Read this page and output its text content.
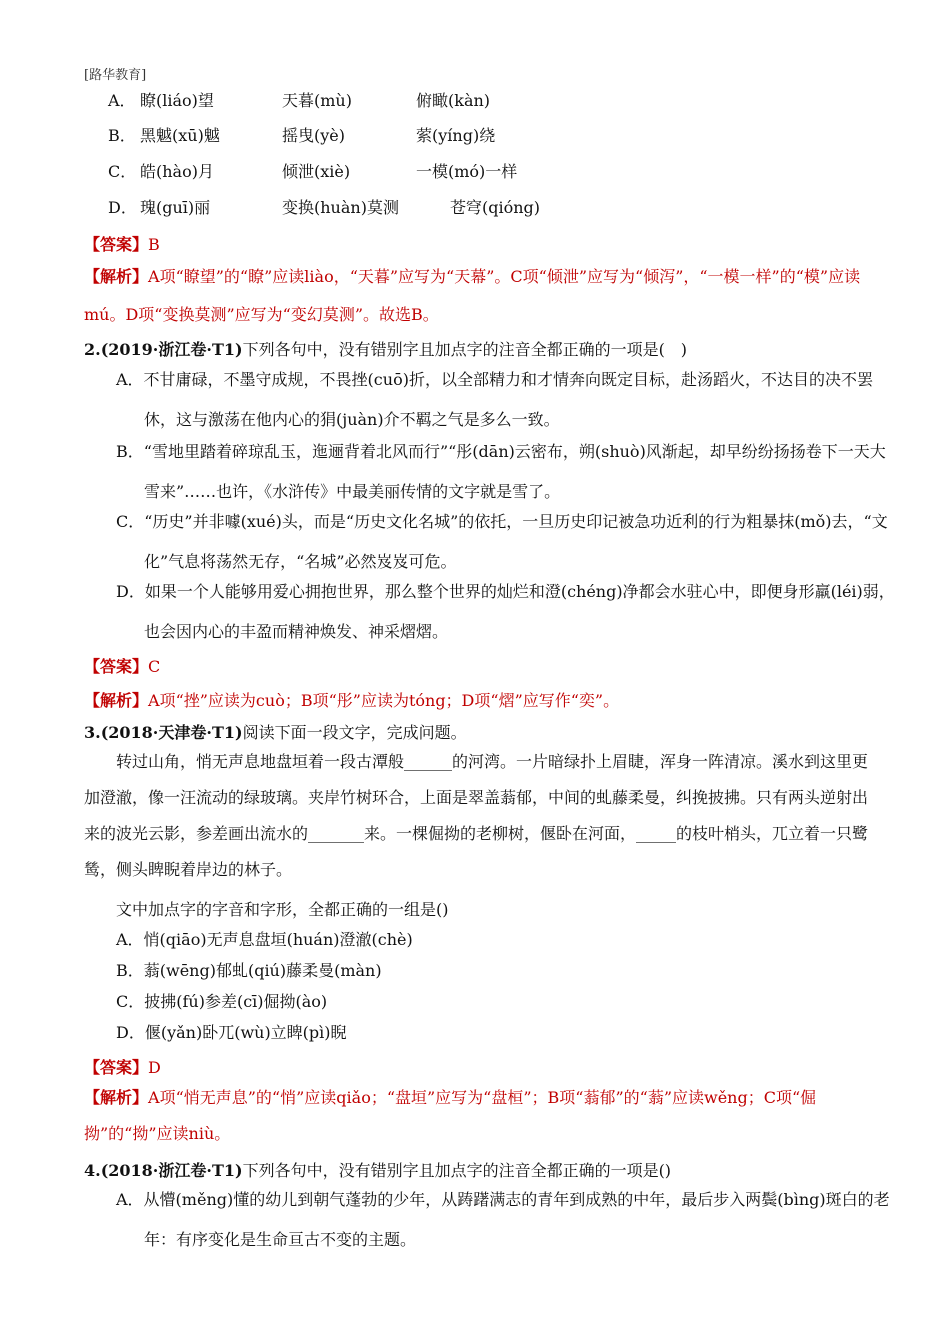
[路华教育]
A． 瞭(liáo)望	天暮(mù)	俯瞰(kàn)
B． 黑魆(xū)魆	摇曳(yè)	萦(yíng)绕
C． 皓(hào)月	倾泄(xiè)	一模(mó)一样
D． 瑰(guī)丽	变换(huàn)莫测	苍穹(qióng)
【答案】B
【解析】A项“瞭望”的“瞭”应读liào，“天暮”应写为“天幕”。C项“倾泄”应写为“倾泻”，“一模一样”的“模”应读mú。D项“变换莫测”应写为“变幻莫测”。故选B。
2.(2019·浙江卷·T1)下列各句中，没有错别字且加点字的注音全都正确的一项是(　)
A．不甘庸碌，不墨守成规，不畏挫(cuō)折，以全部精力和才情奔向既定目标，赴汤蹈火，不达目的决不罢休，这与激荡在他内心的狷(juàn)介不羁之气是多么一致。
B．“雪地里踏着碎琼乱玉，迤逦背着北风而行”“彤(dān)云密布，朔(shuò)风渐起，却早纷纷扬扬卷下一天大雪来”……也许，《水浒传》中最美丽传情的文字就是雪了。
C．“历史”并非噱(xué)头，而是“历史文化名城”的依托，一旦历史印记被急功近利的行为粗暴抹(mǒ)去，“文化”气息将荡然无存，“名城”必然岌岌可危。
D．如果一个人能够用爱心拥抱世界，那么整个世界的灿烂和澄(chéng)净都会水驻心中，即便身形羸(léi)弱，也会因内心的丰盈而精神焕发、神采熠熠。
【答案】C
【解析】A项“挫”应读为cuò；B项“彤”应读为tóng；D项“熠”应写作“奕”。
3.(2018·天津卷·T1)阅读下面一段文字，完成问题。
转过山角，悄无声息地盘垣着一段古潭般______的河湾。一片暗绿扑上眉睫，浑身一阵清凉。溪水到这里更加澄澈，像一汪流动的绿玻璃。夹岸竹树环合，上面是翠盖蓊郁，中间的虬藤柔曼，纠挽披拂。只有两头逆射出来的波光云影，参差画出流水的_______来。一棵倔拗的老柳树，偃卧在河面，_____的枝叶梢头，兀立着一只鹭鸶，侧头睥睨着岸边的林子。
文中加点字的字音和字形，全都正确的一组是()
A．悄(qiāo)无声息盘垣(huán)澄澈(chè)
B．蓊(wēng)郁虬(qiú)藤柔曼(màn)
C．披拂(fú)参差(cī)倔拗(ào)
D．偃(yǎn)卧兀(wù)立睥(pì)睨
【答案】D
【解析】A项“悄无声息”的“悄”应读qiǎo；“盘垣”应写为“盘桓”；B项“蓊郁”的“蓊”应读wěng；C项“倔拗”的“拗”应读niù。
4.(2018·浙江卷·T1)下列各句中，没有错别字且加点字的注音全都正确的一项是()
A．从懵(měng)懂的幼儿到朝气蓬勃的少年，从踌躇满志的青年到成熟的中年，最后步入两鬓(bìng)斑白的老年：有序变化是生命亘古不变的主题。
